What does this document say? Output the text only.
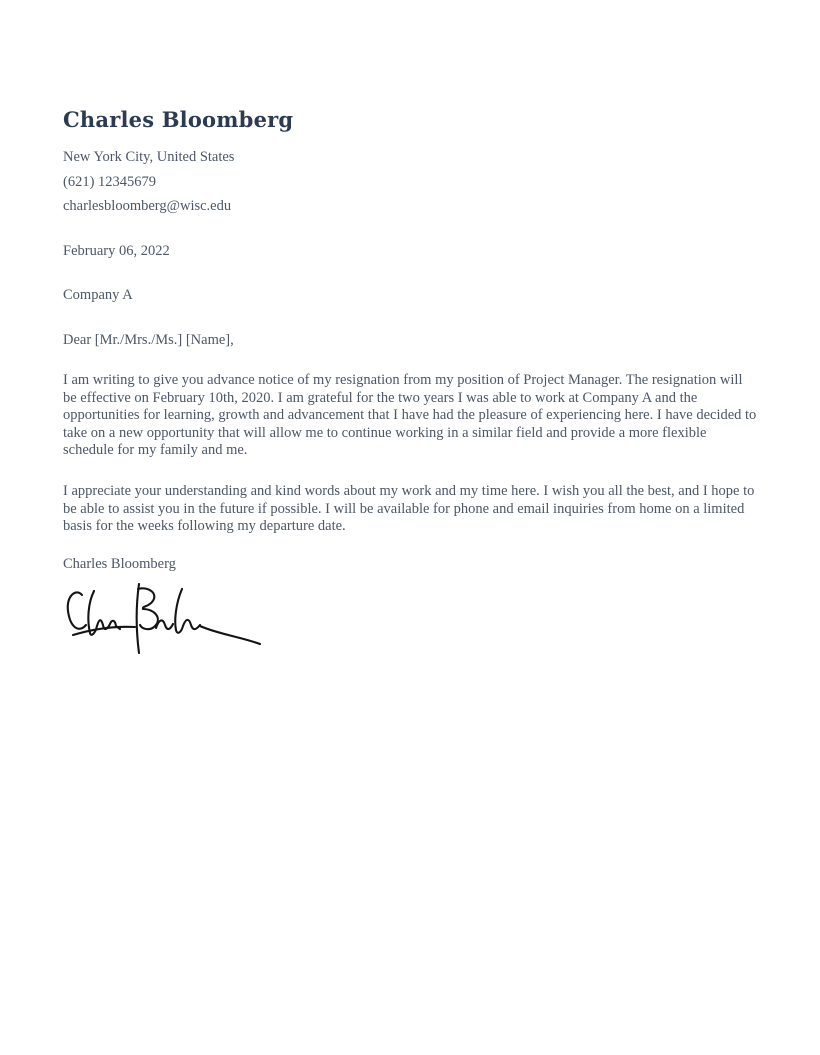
Charles Bloomberg

New York City, United States

(621) 12345679

charlesbloomberg@wisc.edu

February 06, 2022

Company A

Dear [Mr./Mrs./Ms.] [Name],

I am writing to give you advance notice of my resignation from my position of Project Manager. The resignation will be effective on February 10th, 2020. I am grateful for the two years I was able to work at Company A and the opportunities for learning, growth and advancement that I have had the pleasure of experiencing here. I have decided to take on a new opportunity that will allow me to continue working in a similar field and provide a more flexible schedule for my family and me.

I appreciate your understanding and kind words about my work and my time here. I wish you all the best, and I hope to be able to assist you in the future if possible. I will be available for phone and email inquiries from home on a limited basis for the weeks following my departure date.

Charles Bloomberg
